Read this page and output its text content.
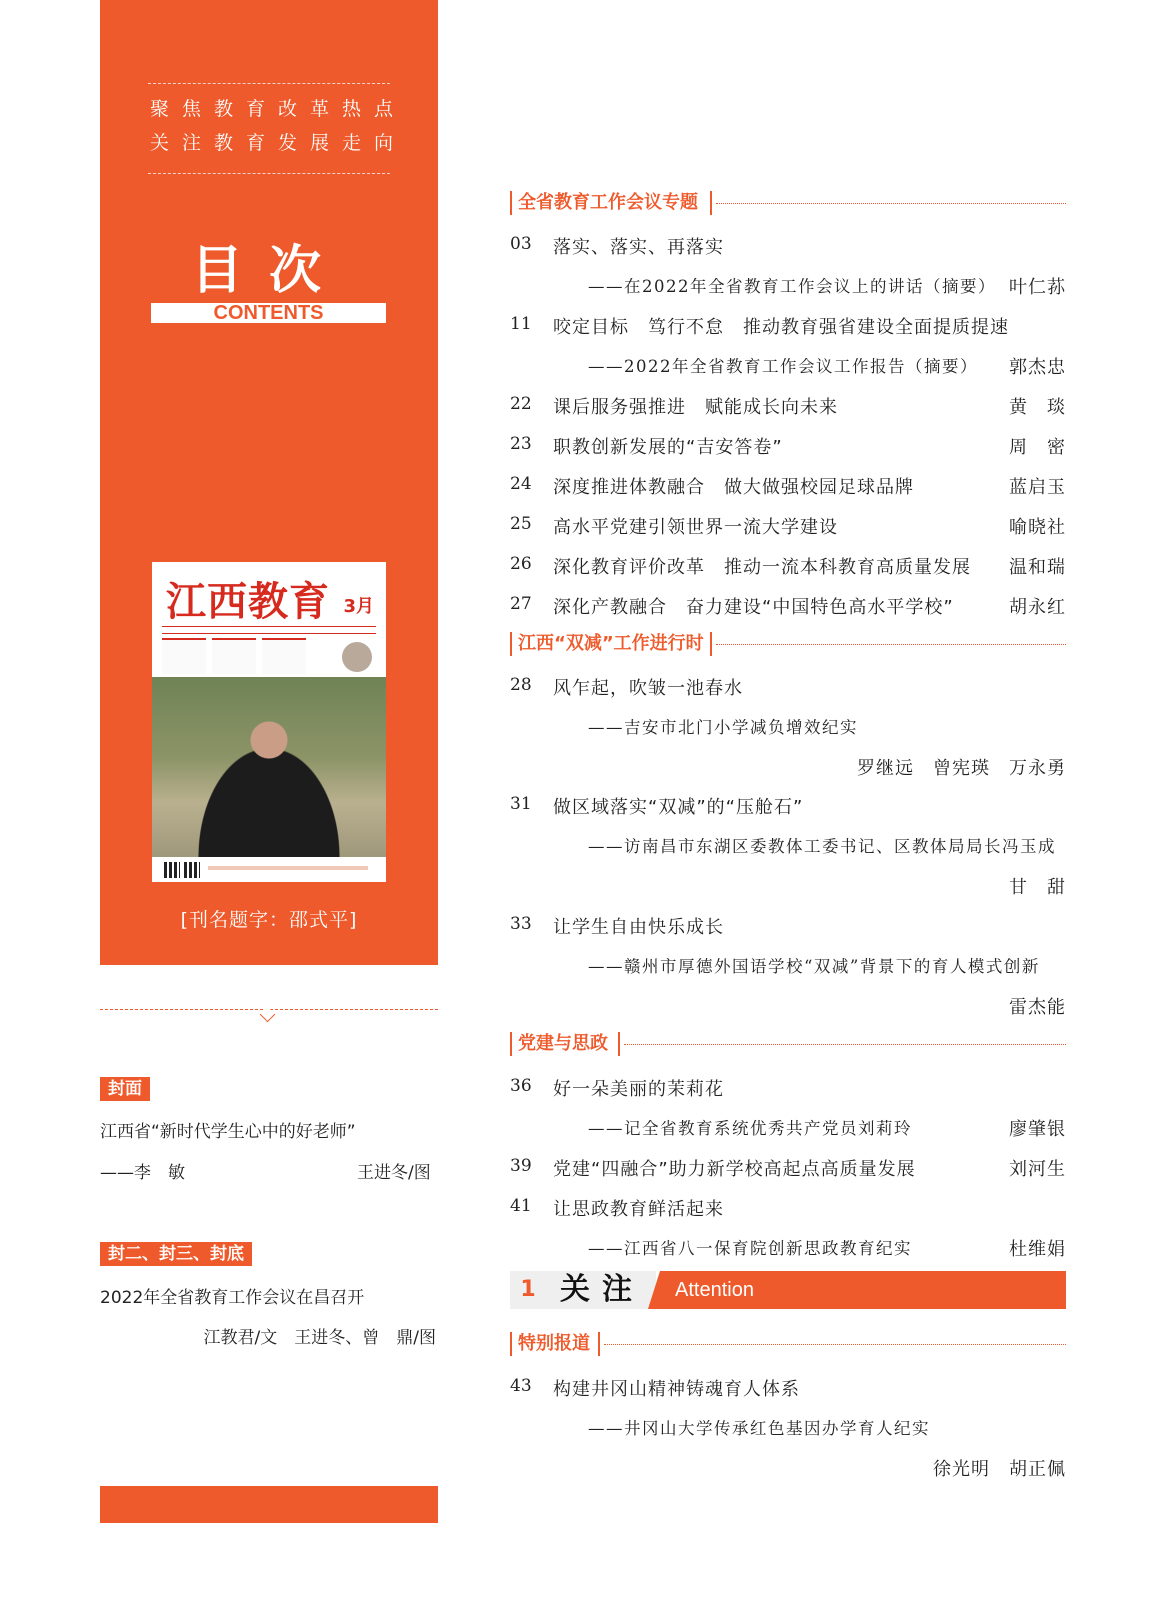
聚焦教育改革热点
关注教育发展走向
目次
CONTENTS
江西教育 3月
[刊名题字：邵式平]
封面
江西省“新时代学生心中的好老师”
——李　敏	王进冬/图
封二、封三、封底
2022年全省教育工作会议在昌召开
江教君/文　王进冬、曾　鼎/图
全省教育工作会议专题
03 落实、落实、再落实
——在2022年全省教育工作会议上的讲话（摘要） 叶仁荪
11 咬定目标　笃行不怠　推动教育强省建设全面提质提速
——2022年全省教育工作会议工作报告（摘要） 郭杰忠
22 课后服务强推进　赋能成长向未来	黄　琰
23 职教创新发展的“吉安答卷”	周　密
24 深度推进体教融合　做大做强校园足球品牌	蓝启玉
25 高水平党建引领世界一流大学建设	喻晓社
26 深化教育评价改革　推动一流本科教育高质量发展 温和瑞
27 深化产教融合　奋力建设“中国特色高水平学校”	胡永红
江西“双减”工作进行时
28 风乍起，吹皱一池春水
——吉安市北门小学减负增效纪实
罗继远　曾宪瑛　万永勇
31 做区域落实“双减”的“压舱石”
——访南昌市东湖区委教体工委书记、区教体局局长冯玉成
甘　甜
33 让学生自由快乐成长
——赣州市厚德外国语学校“双减”背景下的育人模式创新
雷杰能
党建与思政
36 好一朵美丽的茉莉花
——记全省教育系统优秀共产党员刘莉玲	廖肇银
39 党建“四融合”助力新学校高起点高质量发展	刘河生
41 让思政教育鲜活起来
——江西省八一保育院创新思政教育纪实	杜维娟
1 关注 Attention
特别报道
43 构建井冈山精神铸魂育人体系
——井冈山大学传承红色基因办学育人纪实
徐光明　胡正佩
